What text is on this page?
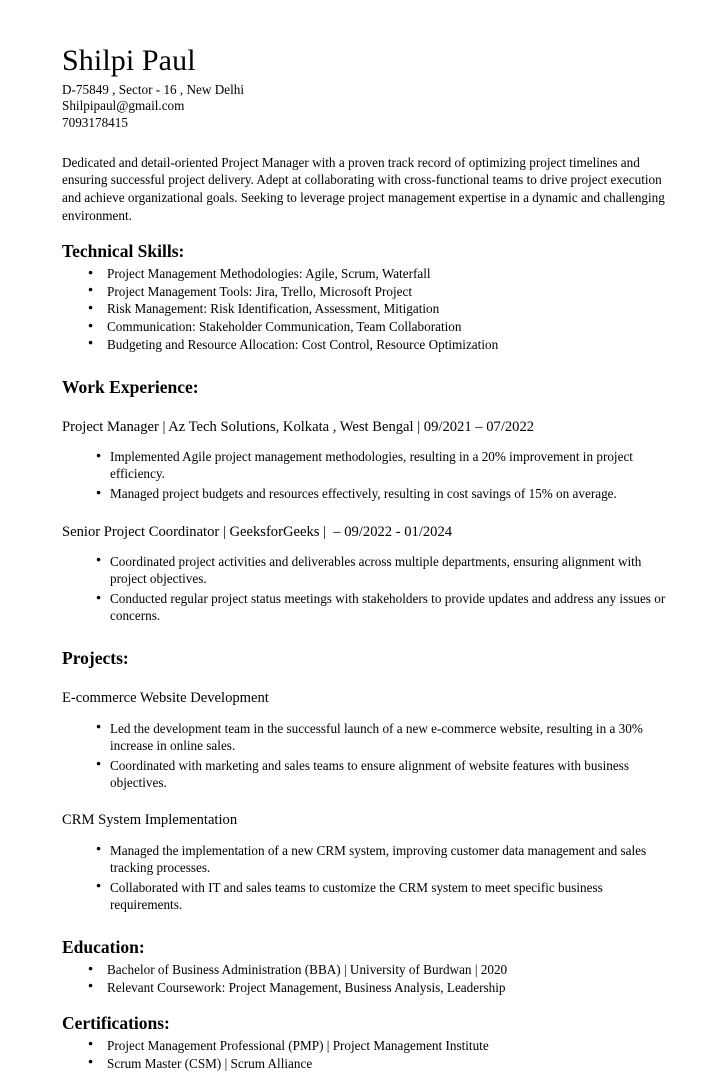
Shilpi Paul

D-75849 , Sector - 16 , New Delhi

Shilpipaul@gmail.com

7093178415

Dedicated and detail-oriented Project Manager with a proven track record of optimizing project timelines and ensuring successful project delivery. Adept at collaborating with cross-functional teams to drive project execution and achieve organizational goals. Seeking to leverage project management expertise in a dynamic and challenging environment.

Technical Skills:
● Project Management Methodologies: Agile, Scrum, Waterfall
● Project Management Tools: Jira, Trello, Microsoft Project
● Risk Management: Risk Identification, Assessment, Mitigation
● Communication: Stakeholder Communication, Team Collaboration
● Budgeting and Resource Allocation: Cost Control, Resource Optimization
Work Experience:

Project Manager | Az Tech Solutions, Kolkata , West Bengal | 09/2021 – 07/2022

● Implemented Agile project management methodologies, resulting in a 20% improvement in project efficiency.
● Managed project budgets and resources effectively, resulting in cost savings of 15% on average.

Senior Project Coordinator | GeeksforGeeks |  – 09/2022 - 01/2024

● Coordinated project activities and deliverables across multiple departments, ensuring alignment with project objectives.
● Conducted regular project status meetings with stakeholders to provide updates and address any issues or concerns.
Projects:

E-commerce Website Development

● Led the development team in the successful launch of a new e-commerce website, resulting in a 30% increase in online sales.
● Coordinated with marketing and sales teams to ensure alignment of website features with business objectives.

CRM System Implementation

● Managed the implementation of a new CRM system, improving customer data management and sales tracking processes.
● Collaborated with IT and sales teams to customize the CRM system to meet specific business requirements.
Education:
● Bachelor of Business Administration (BBA) | University of Burdwan | 2020
● Relevant Coursework: Project Management, Business Analysis, Leadership
Certifications:
● Project Management Professional (PMP) | Project Management Institute
● Scrum Master (CSM) | Scrum Alliance
